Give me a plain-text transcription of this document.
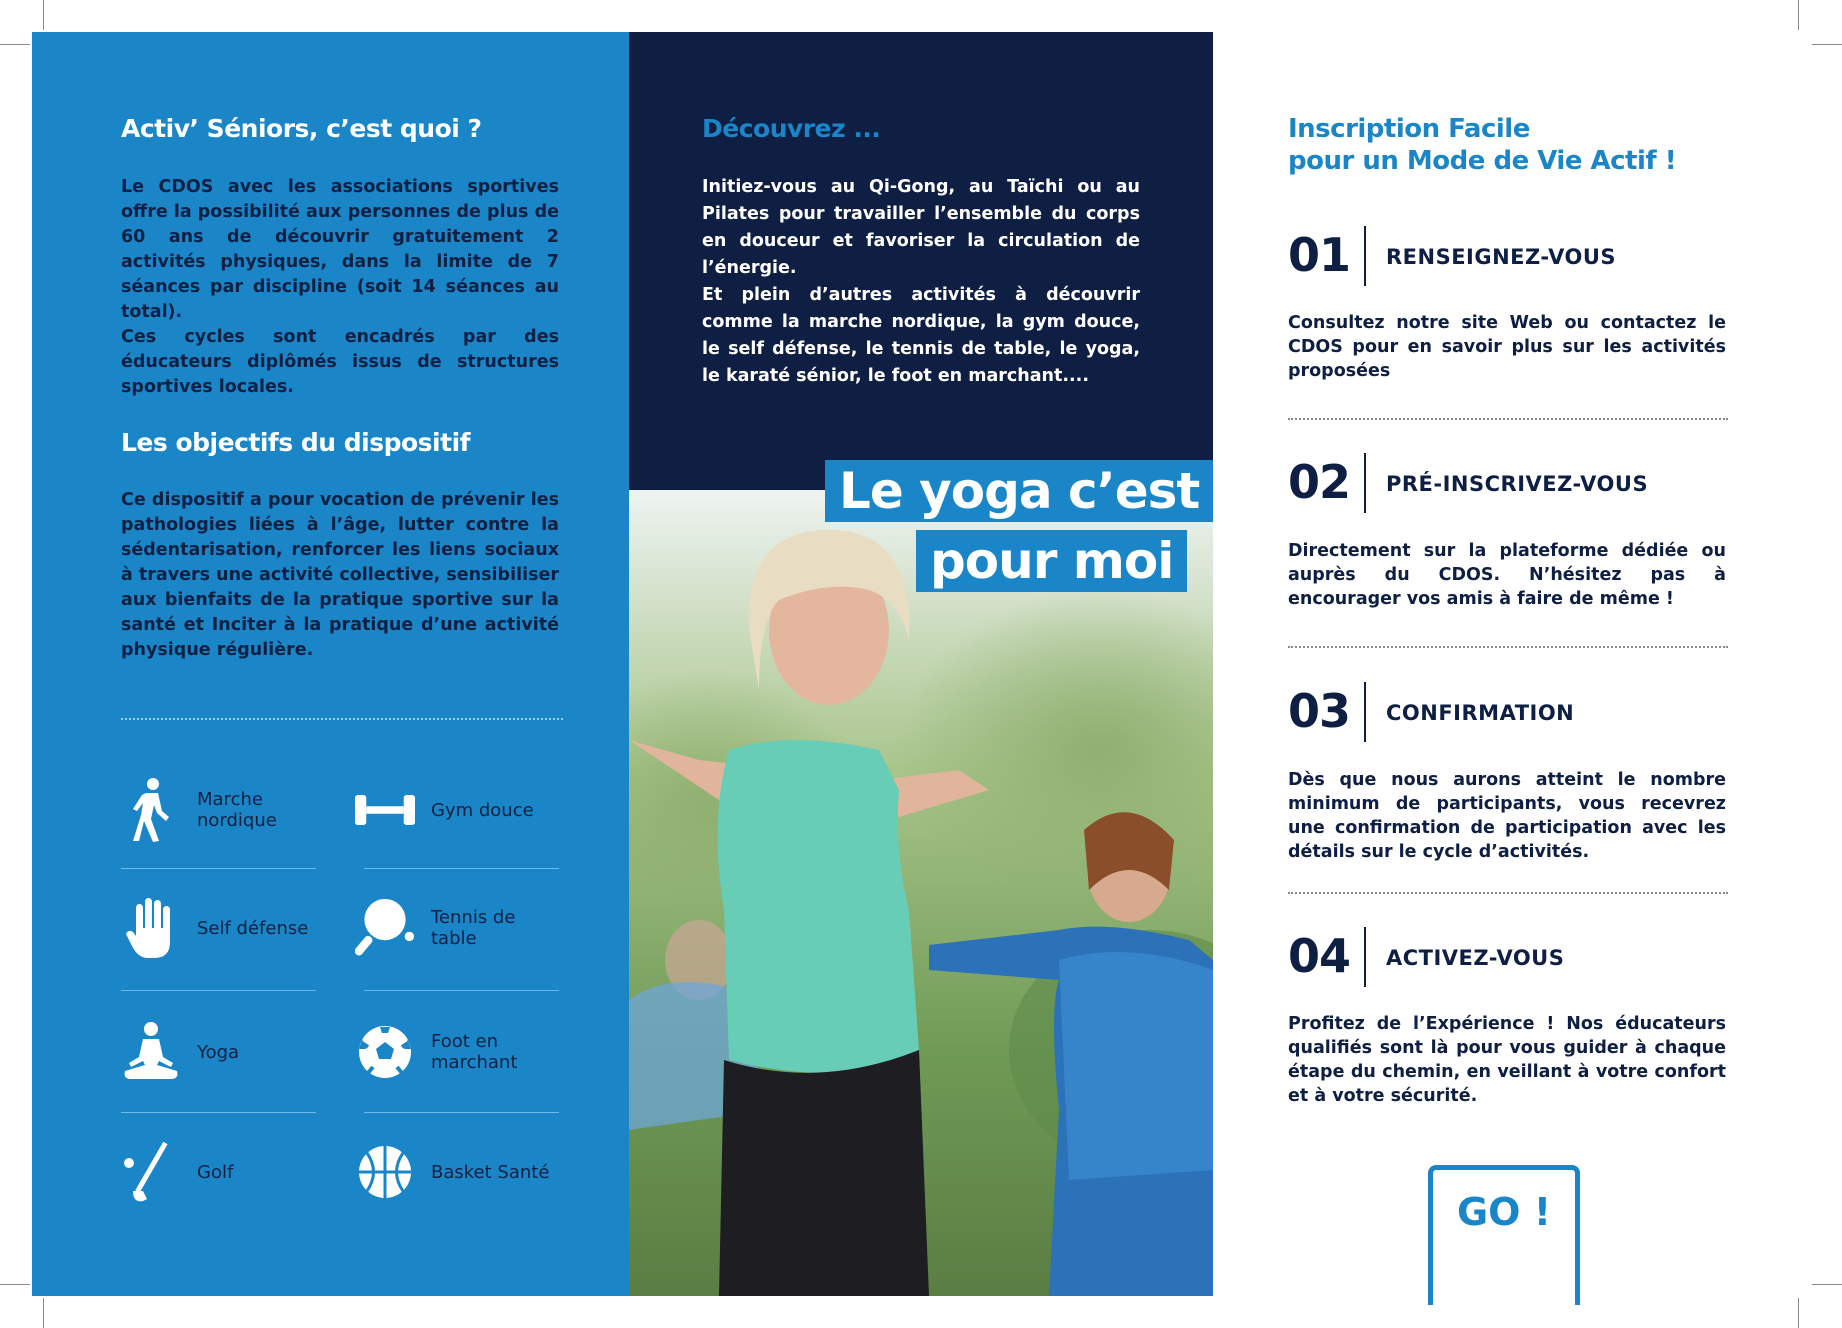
Activ’ Séniors, c’est quoi ?

Le CDOS avec les associations sportives offre la possibilité aux personnes de plus de 60 ans de découvrir gratuitement 2 activités physiques, dans la limite de 7 séances par discipline (soit 14 séances au total).

Ces cycles sont encadrés par des éducateurs diplômés issus de structures sportives locales.

Les objectifs du dispositif

Ce dispositif a pour vocation de prévenir les pathologies liées à l’âge, lutter contre la sédentarisation, renforcer les liens sociaux à travers une activité collective, sensibiliser aux bienfaits de la pratique sportive sur la santé et Inciter à la pratique d’une activité physique régulière.

Marche nordique	Gym douce
Self défense	Tennis de table
Yoga	Foot en marchant
Golf	Basket Santé
Découvrez ...

Initiez-vous au Qi-Gong, au Taïchi ou au Pilates pour travailler l’ensemble du corps en douceur et favoriser la circulation de l’énergie.

Et plein d’autres activités à découvrir comme la marche nordique, la gym douce, le self défense, le tennis de table, le yoga, le karaté sénior, le foot en marchant....

Le yoga c’est
pour moi
Inscription Facile
pour un Mode de Vie Actif !
01 RENSEIGNEZ-VOUS

Consultez notre site Web ou contactez le CDOS pour en savoir plus sur les activités proposées

02 PRÉ-INSCRIVEZ-VOUS

Directement sur la plateforme dédiée ou auprès du CDOS. N’hésitez pas à encourager vos amis à faire de même !

03 CONFIRMATION

Dès que nous aurons atteint le nombre minimum de participants, vous recevrez une confirmation de participation avec les détails sur le cycle d’activités.

04 ACTIVEZ-VOUS

Profitez de l’Expérience ! Nos éducateurs qualifiés sont là pour vous guider à chaque étape du chemin, en veillant à votre confort et à votre sécurité.

GO !
